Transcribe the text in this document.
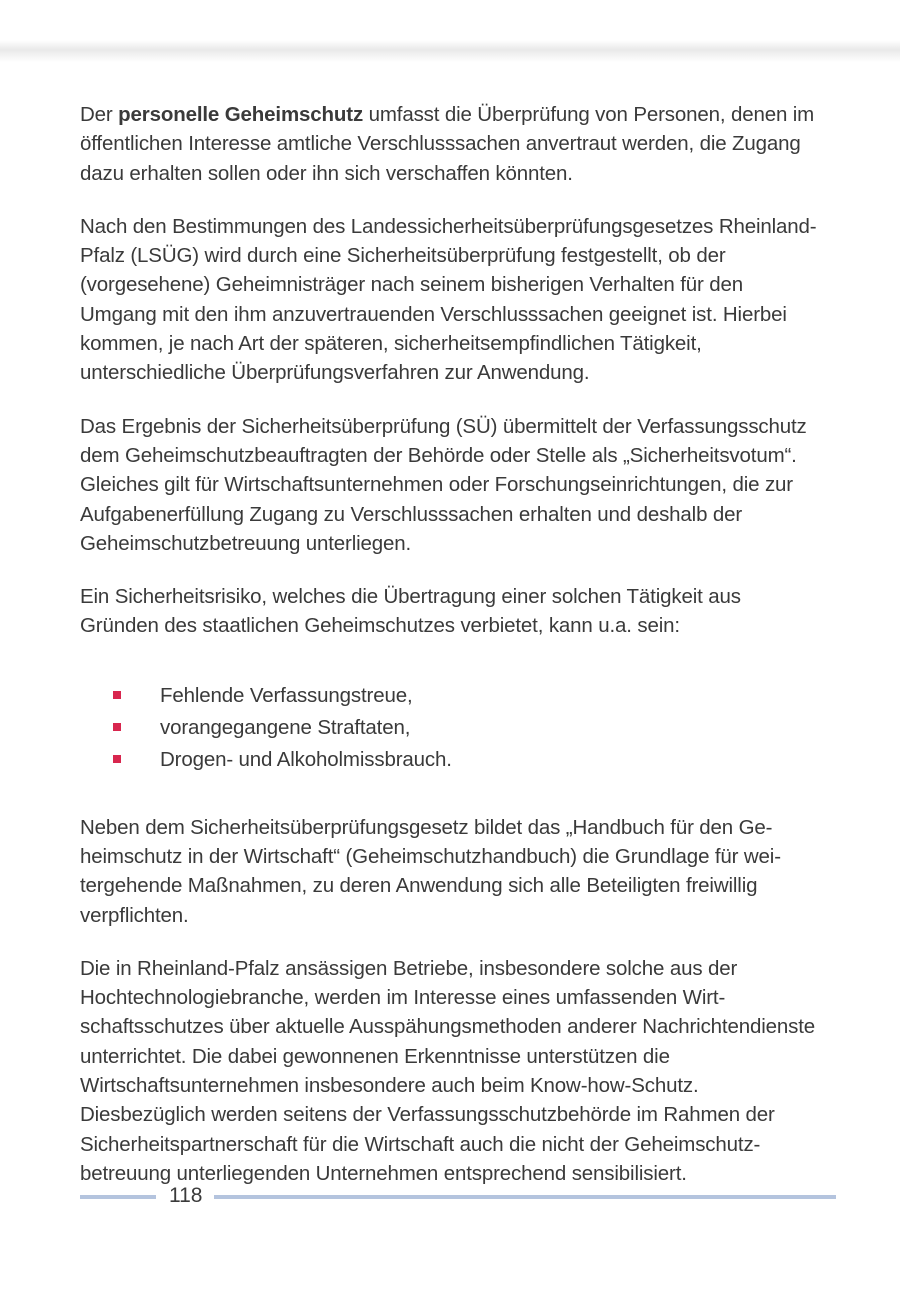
Der personelle Geheimschutz umfasst die Überprüfung von Personen, denen im öffentlichen Interesse amtliche Verschlusssachen anvertraut werden, die Zugang dazu erhalten sollen oder ihn sich verschaffen könnten.

Nach den Bestimmungen des Landessicherheitsüberprüfungsgesetzes Rheinland-Pfalz (LSÜG) wird durch eine Sicherheitsüberprüfung festgestellt, ob der (vorgesehene) Geheimnisträger nach seinem bisherigen Verhalten für den Umgang mit den ihm anzuvertrauenden Verschlusssachen geeignet ist. Hierbei kommen, je nach Art der späteren, sicherheitsempfindlichen Tätigkeit, unterschiedliche Überprüfungsverfahren zur Anwendung.

Das Ergebnis der Sicherheitsüberprüfung (SÜ) übermittelt der Verfassungsschutz dem Geheimschutzbeauftragten der Behörde oder Stelle als „Sicherheitsvotum“. Gleiches gilt für Wirtschaftsunternehmen oder Forschungseinrichtungen, die zur Aufgabenerfüllung Zugang zu Verschlusssachen erhalten und deshalb der Geheimschutzbetreuung unterliegen.

Ein Sicherheitsrisiko, welches die Übertragung einer solchen Tätigkeit aus Gründen des staatlichen Geheimschutzes verbietet, kann u.a. sein:

Fehlende Verfassungstreue,
vorangegangene Straftaten,
Drogen- und Alkoholmissbrauch.

Neben dem Sicherheitsüberprüfungsgesetz bildet das „Handbuch für den Geheimschutz in der Wirtschaft“ (Geheimschutzhandbuch) die Grundlage für weitergehende Maßnahmen, zu deren Anwendung sich alle Beteiligten freiwillig verpflichten.

Die in Rheinland-Pfalz ansässigen Betriebe, insbesondere solche aus der Hochtechnologiebranche, werden im Interesse eines umfassenden Wirtschaftsschutzes über aktuelle Ausspähungsmethoden anderer Nachrichtendienste unterrichtet. Die dabei gewonnenen Erkenntnisse unterstützen die Wirtschaftsunternehmen insbesondere auch beim Know-how-Schutz. Diesbezüglich werden seitens der Verfassungsschutzbehörde im Rahmen der Sicherheitspartnerschaft für die Wirtschaft auch die nicht der Geheimschutzbetreuung unterliegenden Unternehmen entsprechend sensibilisiert.

118
